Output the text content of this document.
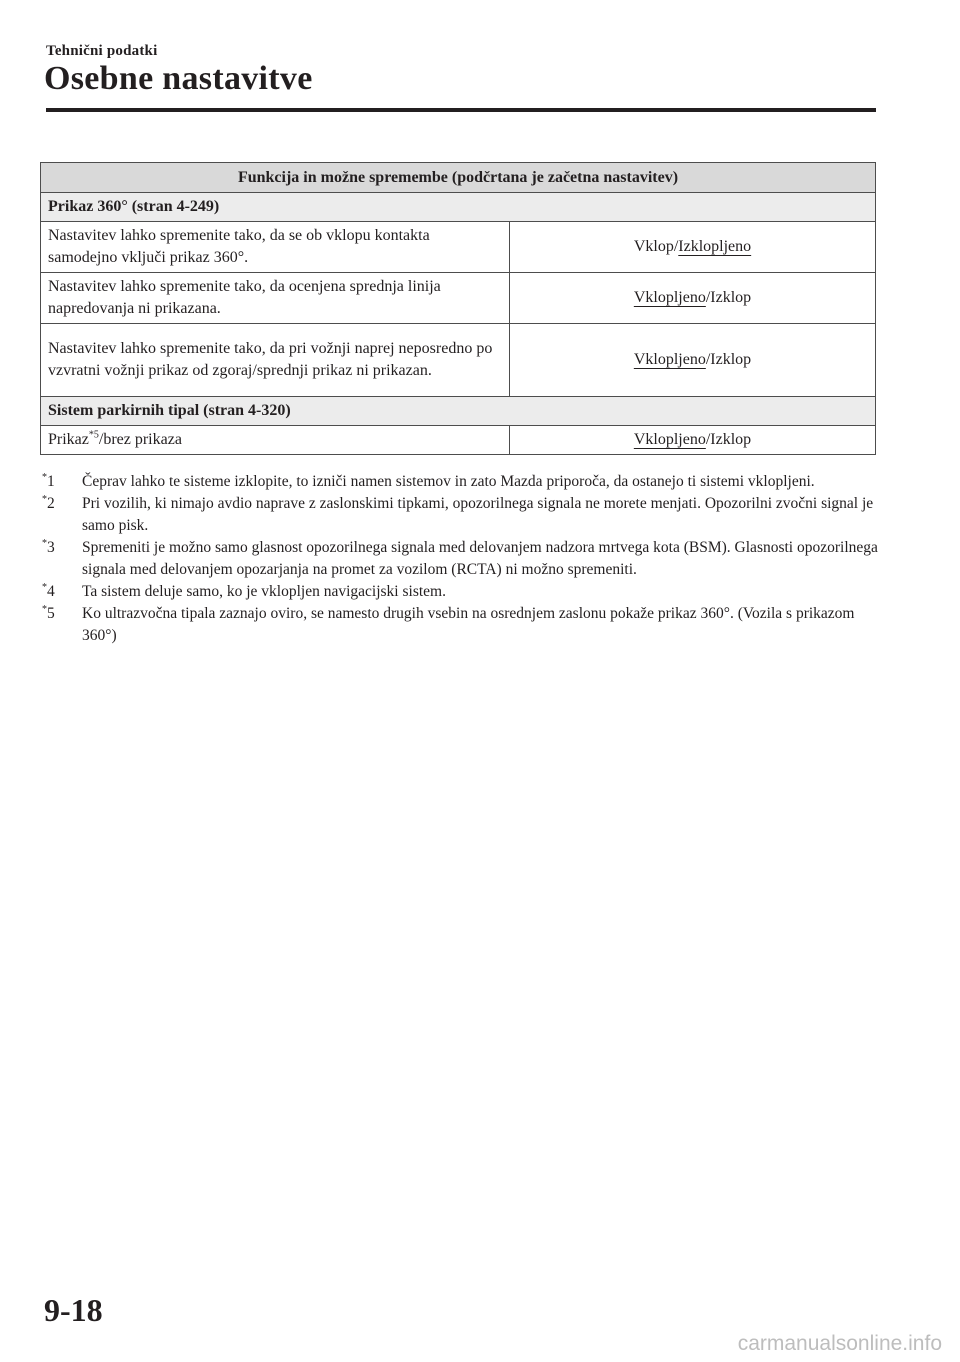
Tehnični podatki
Osebne nastavitve
Funkcija in možne spremembe (podčrtana je začetna nastavitev)	
Prikaz 360° (stran 4-249)	
Nastavitev lahko spremenite tako, da se ob vklopu kontakta samodejno vključi prikaz 360°.	Vklop/Izklopljeno
Nastavitev lahko spremenite tako, da ocenjena sprednja linija napredovanja ni prikazana.	Vklopljeno/Izklop
Nastavitev lahko spremenite tako, da pri vožnji naprej neposredno po vzvratni vožnji prikaz od zgoraj/sprednji prikaz ni prikazan.	Vklopljeno/Izklop
Sistem parkirnih tipal (stran 4-320)	
Prikaz$^{*5}$/brez prikaza	Vklopljeno/Izklop
*1	Čeprav lahko te sisteme izklopite, to izniči namen sistemov in zato Mazda priporoča, da ostanejo ti sistemi vklopljeni.
*2	Pri vozilih, ki nimajo avdio naprave z zaslonskimi tipkami, opozorilnega signala ne morete menjati. Opozorilni zvočni signal je samo pisk.
*3	Spremeniti je možno samo glasnost opozorilnega signala med delovanjem nadzora mrtvega kota (BSM). Glasnosti opozorilnega signala med delovanjem opozarjanja na promet za vozilom (RCTA) ni možno spremeniti.
*4	Ta sistem deluje samo, ko je vklopljen navigacijski sistem.
*5	Ko ultrazvočna tipala zaznajo oviro, se namesto drugih vsebin na osrednjem zaslonu pokaže prikaz 360°. (Vozila s prikazom 360°)
9-18
carmanualsonline.info
